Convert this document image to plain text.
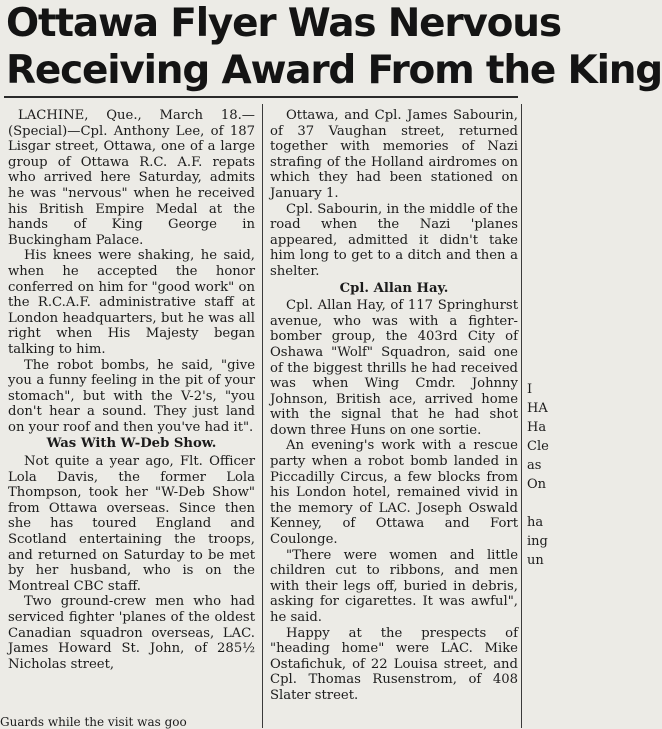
Ottawa Flyer Was Nervous
Receiving Award From the King

LACHINE, Que., March 18.—(Special)—Cpl. Anthony Lee, of 187 Lisgar street, Ottawa, one of a large group of Ottawa R.C. A.F. repats who arrived here Saturday, admits he was "nervous" when he received his British Empire Medal at the hands of King George in Buckingham Palace.

His knees were shaking, he said, when he accepted the honor conferred on him for "good work" on the R.C.A.F. administrative staff at London headquarters, but he was all right when His Majesty began talking to him.

The robot bombs, he said, "give you a funny feeling in the pit of your stomach", but with the V-2's, "you don't hear a sound. They just land on your roof and then you've had it".

Was With W-Deb Show.

Not quite a year ago, Flt. Officer Lola Davis, the former Lola Thompson, took her "W-Deb Show" from Ottawa overseas. Since then she has toured England and Scotland entertaining the troops, and returned on Saturday to be met by her husband, who is on the Montreal CBC staff.

Two ground-crew men who had serviced fighter 'planes of the oldest Canadian squadron overseas, LAC. James Howard St. John, of 285½ Nicholas street,

Ottawa, and Cpl. James Sabourin, of 37 Vaughan street, returned together with memories of Nazi strafing of the Holland airdromes on which they had been stationed on January 1.

Cpl. Sabourin, in the middle of the road when the Nazi 'planes appeared, admitted it didn't take him long to get to a ditch and then a shelter.

Cpl. Allan Hay.

Cpl. Allan Hay, of 117 Springhurst avenue, who was with a fighter-bomber group, the 403rd City of Oshawa "Wolf" Squadron, said one of the biggest thrills he had received was when Wing Cmdr. Johnny Johnson, British ace, arrived home with the signal that he had shot down three Huns on one sortie.

An evening's work with a rescue party when a robot bomb landed in Piccadilly Circus, a few blocks from his London hotel, remained vivid in the memory of LAC. Joseph Oswald Kenney, of Ottawa and Fort Coulonge.

"There were women and little children cut to ribbons, and men with their legs off, buried in debris, asking for cigarettes. It was awful", he said.

Happy at the prespects of "heading home" were LAC. Mike Ostafichuk, of 22 Louisa street, and Cpl. Thomas Rusenstrom, of 408 Slater street.

I
HA
Ha
Cle
as
On

ha
ing
un
Guards while the visit was goo
